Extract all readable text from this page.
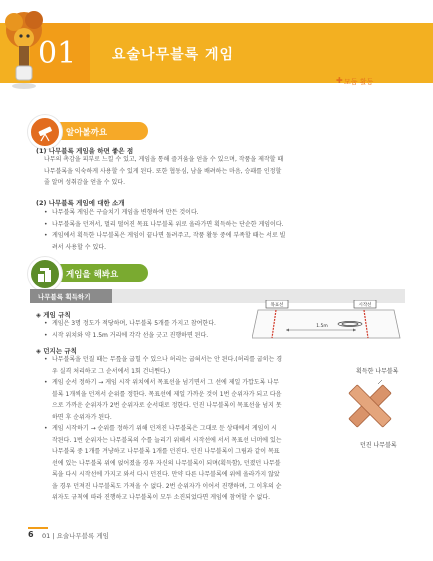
01	요술나무블록 게임
✚ 모둠 활동
알아볼까요
(1) 나무블록 게임을 하면 좋은 점
나무의 촉감을 피부로 느낄 수 있고, 게임을 통해 즐거움을 얻을 수 있으며, 작품을 제작할 때
나무블록을 익숙하게 사용할 수 있게 된다. 또한 협동심, 남을 배려하는 마음, 승패를 인정할
줄 알며 성취감을 얻을 수 있다.
(2) 나무블록 게임에 대한 소개
• 나무블록 게임은 구슬치기 게임을 변형하여 만든 것이다.
• 나무블록을 던져서, 멀리 떨어진 목표 나무블록 위로 올라가면 획득하는 단순한 게임이다.
• 게임에서 획득한 나무블록은 게임이 끝나면 돌려주고, 작품 활동 중에 부족할 때는 서로 빌
려서 사용할 수 있다.
게임을 해봐요
나무블록 획득하기
◈ 게임 규칙
• 게임은 3명 정도가 적당하며, 나무블록 5개를 가지고 참여한다.
• 시작 위치와 약 1.5m 거리에 각각 선을 긋고 진행하면 된다.
목표선	시작선
1.5m
◈ 던지는 규칙
• 나무블록을 던질 때는 무릎을 굽힐 수 있으나 허리는 굽혀서는 안 된다.(허리를 굽히는 경
우 실격 처리하고 그 순서에서 1회 건너뛴다.)
• 게임 순서 정하기 → 게임 시작 위치에서 목표선을 넘기면서 그 선에 제일 가깝도록 나무
블록 1개씩을 던져서 순위를 정한다. 목표선에 제일 가까운 것이 1번 순위자가 되고 다음
으로 가까운 순위자가 2번 순위자로 순서대로 정한다. 던진 나무블록이 목표선을 넘지 못
하면 후 순위자가 된다.
• 게임 시작하기 → 순위를 정하기 위해 던져진 나무블록은 그대로 둔 상태에서 게임이 시
작된다. 1번 순위자는 나무블록의 수를 늘리기 위해서 시작선에 서서 목표선 너머에 있는
나무블록 중 1개를 겨냥하고 나무블록 1개를 던진다. 던진 나무블록이 그림과 같이 목표
선에 있는 나무블록 위에 얹어졌을 경우 자신의 나무블록이 되며(획득함), 던졌던 나무블
록을 다시 시작선에 가지고 와서 다시 던진다. 만약 다른 나무블록에 위에 올라가지 않았
을 경우 던져진 나무블록도 가져올 수 없다. 2번 순위자가 이어서 진행하며, 그 이후의 순
위자도 규칙에 따라 진행하고 나무블록이 모두 소진되었다면 게임에 참여할 수 없다.
획득한 나무블록
던진 나무블록
6 01 | 요술나무블록 게임
